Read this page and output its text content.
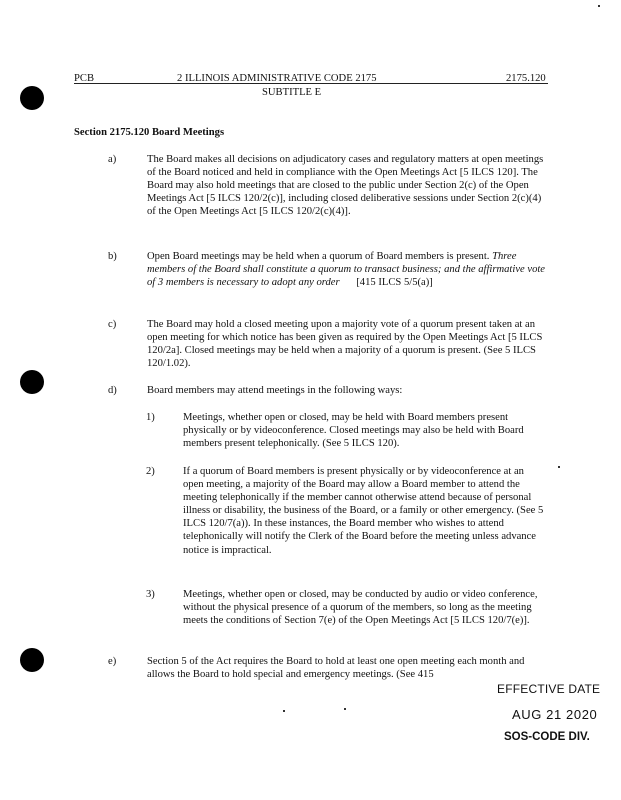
PCB	2 ILLINOIS ADMINISTRATIVE CODE 2175	2175.120
SUBTITLE E
Section 2175.120 Board Meetings
a)	The Board makes all decisions on adjudicatory cases and regulatory matters at open meetings of the Board noticed and held in compliance with the Open Meetings Act [5 ILCS 120]. The Board may also hold meetings that are closed to the public under Section 2(c) of the Open Meetings Act [5 ILCS 120/2(c)], including closed deliberative sessions under Section 2(c)(4) of the Open Meetings Act [5 ILCS 120/2(c)(4)].
b)	Open Board meetings may be held when a quorum of Board members is present. Three members of the Board shall constitute a quorum to transact business; and the affirmative vote of 3 members is necessary to adopt any order [415 ILCS 5/5(a)]
c)	The Board may hold a closed meeting upon a majority vote of a quorum present taken at an open meeting for which notice has been given as required by the Open Meetings Act [5 ILCS 120/2a]. Closed meetings may be held when a majority of a quorum is present. (See 5 ILCS 120/1.02).
d)	Board members may attend meetings in the following ways:
1)	Meetings, whether open or closed, may be held with Board members present physically or by videoconference. Closed meetings may also be held with Board members present telephonically. (See 5 ILCS 120).
2)	If a quorum of Board members is present physically or by videoconference at an open meeting, a majority of the Board may allow a Board member to attend the meeting telephonically if the member cannot otherwise attend because of personal illness or disability, the business of the Board, or a family or other emergency. (See 5 ILCS 120/7(a)). In these instances, the Board member who wishes to attend telephonically will notify the Clerk of the Board before the meeting unless advance notice is impractical.
3)	Meetings, whether open or closed, may be conducted by audio or video conference, without the physical presence of a quorum of the members, so long as the meeting meets the conditions of Section 7(e) of the Open Meetings Act [5 ILCS 120/7(e)].
e)	Section 5 of the Act requires the Board to hold at least one open meeting each month and allows the Board to hold special and emergency meetings. (See 415
EFFECTIVE DATE
AUG 21 2020
SOS-CODE DIV.
